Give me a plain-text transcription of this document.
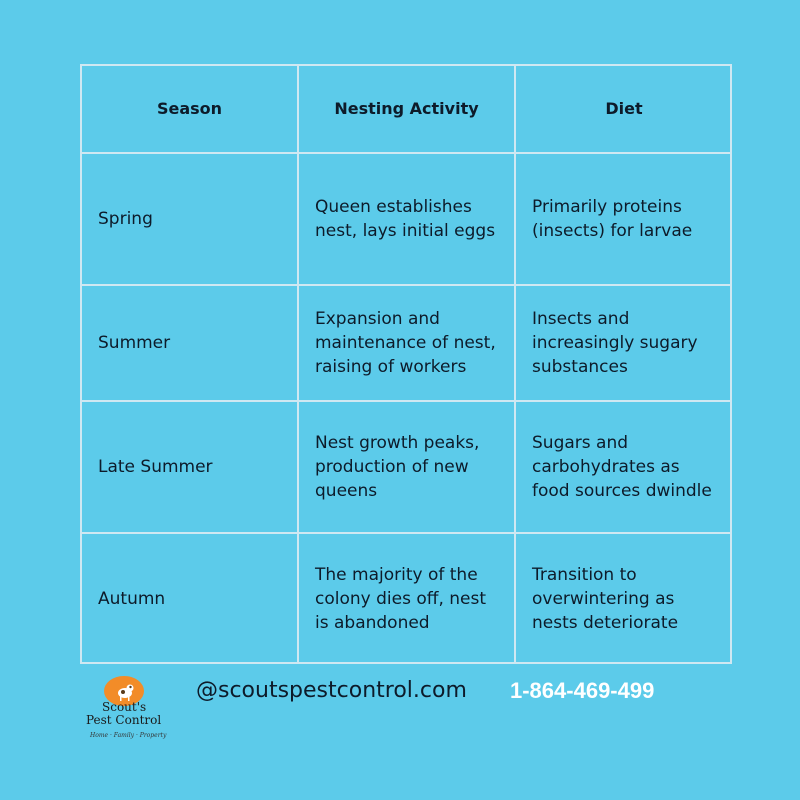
Season	Nesting Activity	Diet
Spring
Queen establishes nest, lays initial eggs
Primarily proteins (insects) for larvae
Summer
Expansion and maintenance of nest, raising of workers
Insects and increasingly sugary substances
Late Summer
Nest growth peaks, production of new queens
Sugars and carbohydrates as food sources dwindle
Autumn
The majority of the colony dies off, nest is abandoned
Transition to overwintering as nests deteriorate
Scout's
Pest Control
Home · Family · Property
@scoutspestcontrol.com 1-864-469-499
